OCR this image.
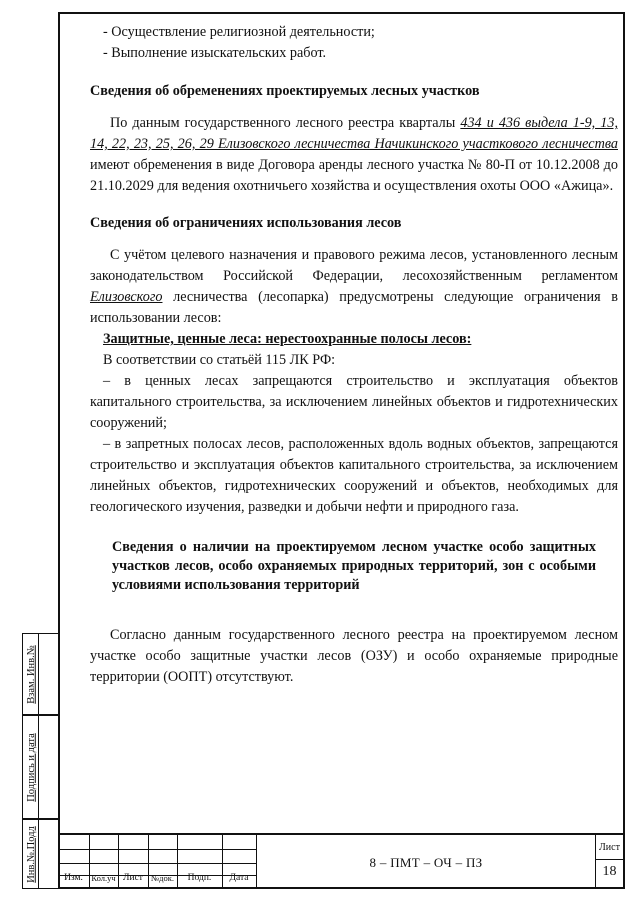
- Осуществление религиозной деятельности;

- Выполнение изыскательских работ.

Сведения об обременениях проектируемых лесных участков

По данным государственного лесного реестра кварталы 434 и 436 выдела 1-9, 13, 14, 22, 23, 25, 26, 29 Елизовского лесничества Начикинского участкового лесничества имеют обременения в виде Договора аренды лесного участка № 80-П от 10.12.2008 до 21.10.2029 для ведения охотничьего хозяйства и осуществления охоты ООО «Ажица».

Сведения об ограничениях использования лесов

С учётом целевого назначения и правового режима лесов, установленного лесным законодательством Российской Федерации, лесохозяйственным регламентом Елизовского лесничества (лесопарка) предусмотрены следующие ограничения в использовании лесов:

Защитные, ценные леса: нерестоохранные полосы лесов:

В соответствии со статьёй 115 ЛК РФ:

– в ценных лесах запрещаются строительство и эксплуатация объектов капитального строительства, за исключением линейных объектов и гидротехнических сооружений;

– в запретных полосах лесов, расположенных вдоль водных объектов, запрещаются строительство и эксплуатация объектов капитального строительства, за исключением линейных объектов, гидротехнических сооружений и объектов, необходимых для геологического изучения, разведки и добычи нефти и природного газа.

Сведения о наличии на проектируемом лесном участке особо защитных участков лесов, особо охраняемых природных территорий, зон с особыми условиями использования территорий

Согласно данным государственного лесного реестра на проектируемом лесном участке особо защитные участки лесов (ОЗУ) и особо охраняемые природные территории (ООПТ) отсутствуют.

Взам. Инв.№
Подпись и дата
Инв.№.Подл	Изм. Кол.уч Лист №док.	Подп.	Дата
8 – ПМТ – ОЧ – ПЗ
Лист
18
